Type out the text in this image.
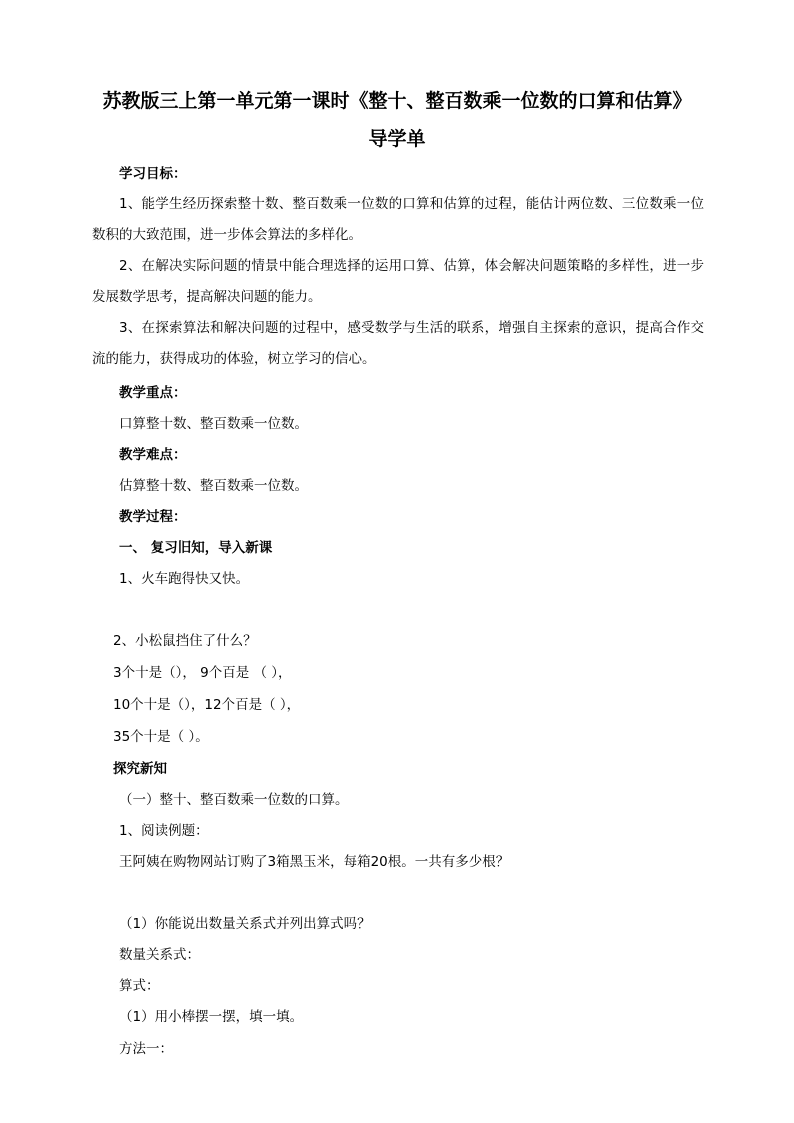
苏教版三上第一单元第一课时《整十、整百数乘一位数的口算和估算》
导学单
学习目标：
1、能学生经历探索整十数、整百数乘一位数的口算和估算的过程，能估计两位数、三位数乘一位数积的大致范围，进一步体会算法的多样化。
2、在解决实际问题的情景中能合理选择的运用口算、估算，体会解决问题策略的多样性，进一步发展数学思考，提高解决问题的能力。
3、在探索算法和解决问题的过程中，感受数学与生活的联系，增强自主探索的意识，提高合作交流的能力，获得成功的体验，树立学习的信心。
教学重点：
口算整十数、整百数乘一位数。
教学难点：
估算整十数、整百数乘一位数。
教学过程：
一、 复习旧知，导入新课
1、火车跑得快又快。
2、小松鼠挡住了什么？
3个十是（）， 9个百是 （ ），
10个十是（），12个百是（ ），
35个十是（ ）。
探究新知
（一）整十、整百数乘一位数的口算。
1、阅读例题：
王阿姨在购物网站订购了3箱黑玉米，每箱20根。一共有多少根？
（1）你能说出数量关系式并列出算式吗？
数量关系式：
算式：
（1）用小棒摆一摆，填一填。
方法一：
